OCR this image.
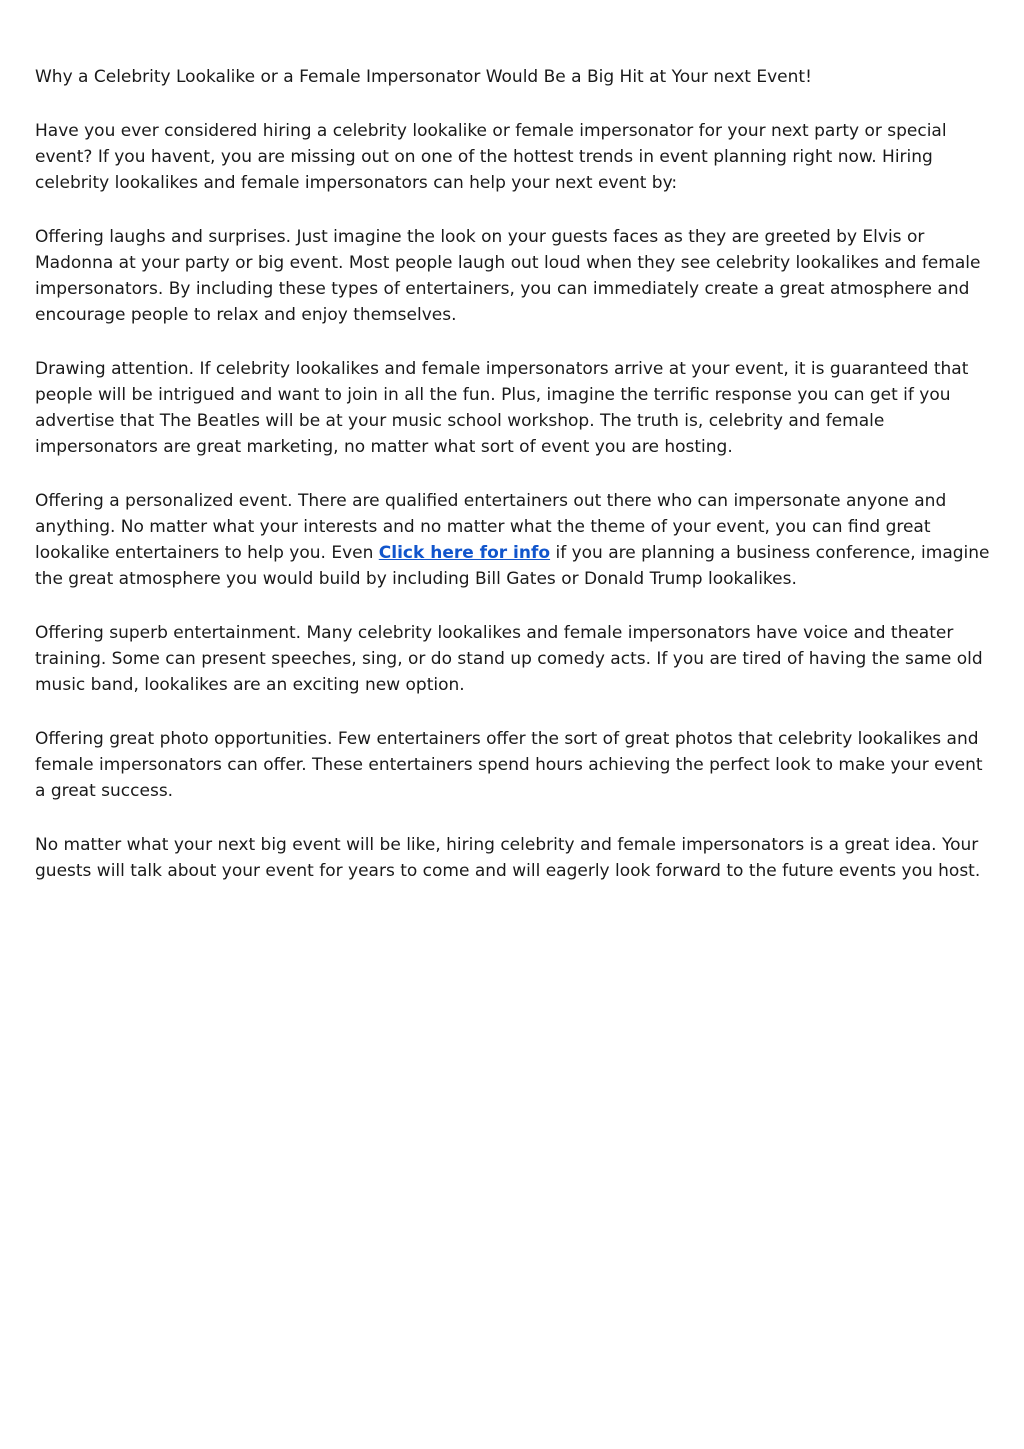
Why a Celebrity Lookalike or a Female Impersonator Would Be a Big Hit at Your next Event!

Have you ever considered hiring a celebrity lookalike or female impersonator for your next party or special event? If you havent, you are missing out on one of the hottest trends in event planning right now. Hiring celebrity lookalikes and female impersonators can help your next event by:

Offering laughs and surprises. Just imagine the look on your guests faces as they are greeted by Elvis or Madonna at your party or big event. Most people laugh out loud when they see celebrity lookalikes and female impersonators. By including these types of entertainers, you can immediately create a great atmosphere and encourage people to relax and enjoy themselves.

Drawing attention. If celebrity lookalikes and female impersonators arrive at your event, it is guaranteed that people will be intrigued and want to join in all the fun. Plus, imagine the terrific response you can get if you advertise that The Beatles will be at your music school workshop. The truth is, celebrity and female impersonators are great marketing, no matter what sort of event you are hosting.

Offering a personalized event. There are qualified entertainers out there who can impersonate anyone and anything. No matter what your interests and no matter what the theme of your event, you can find great lookalike entertainers to help you. Even Click here for info if you are planning a business conference, imagine the great atmosphere you would build by including Bill Gates or Donald Trump lookalikes.

Offering superb entertainment. Many celebrity lookalikes and female impersonators have voice and theater training. Some can present speeches, sing, or do stand up comedy acts. If you are tired of having the same old music band, lookalikes are an exciting new option.

Offering great photo opportunities. Few entertainers offer the sort of great photos that celebrity lookalikes and female impersonators can offer. These entertainers spend hours achieving the perfect look to make your event a great success.

No matter what your next big event will be like, hiring celebrity and female impersonators is a great idea. Your guests will talk about your event for years to come and will eagerly look forward to the future events you host.
